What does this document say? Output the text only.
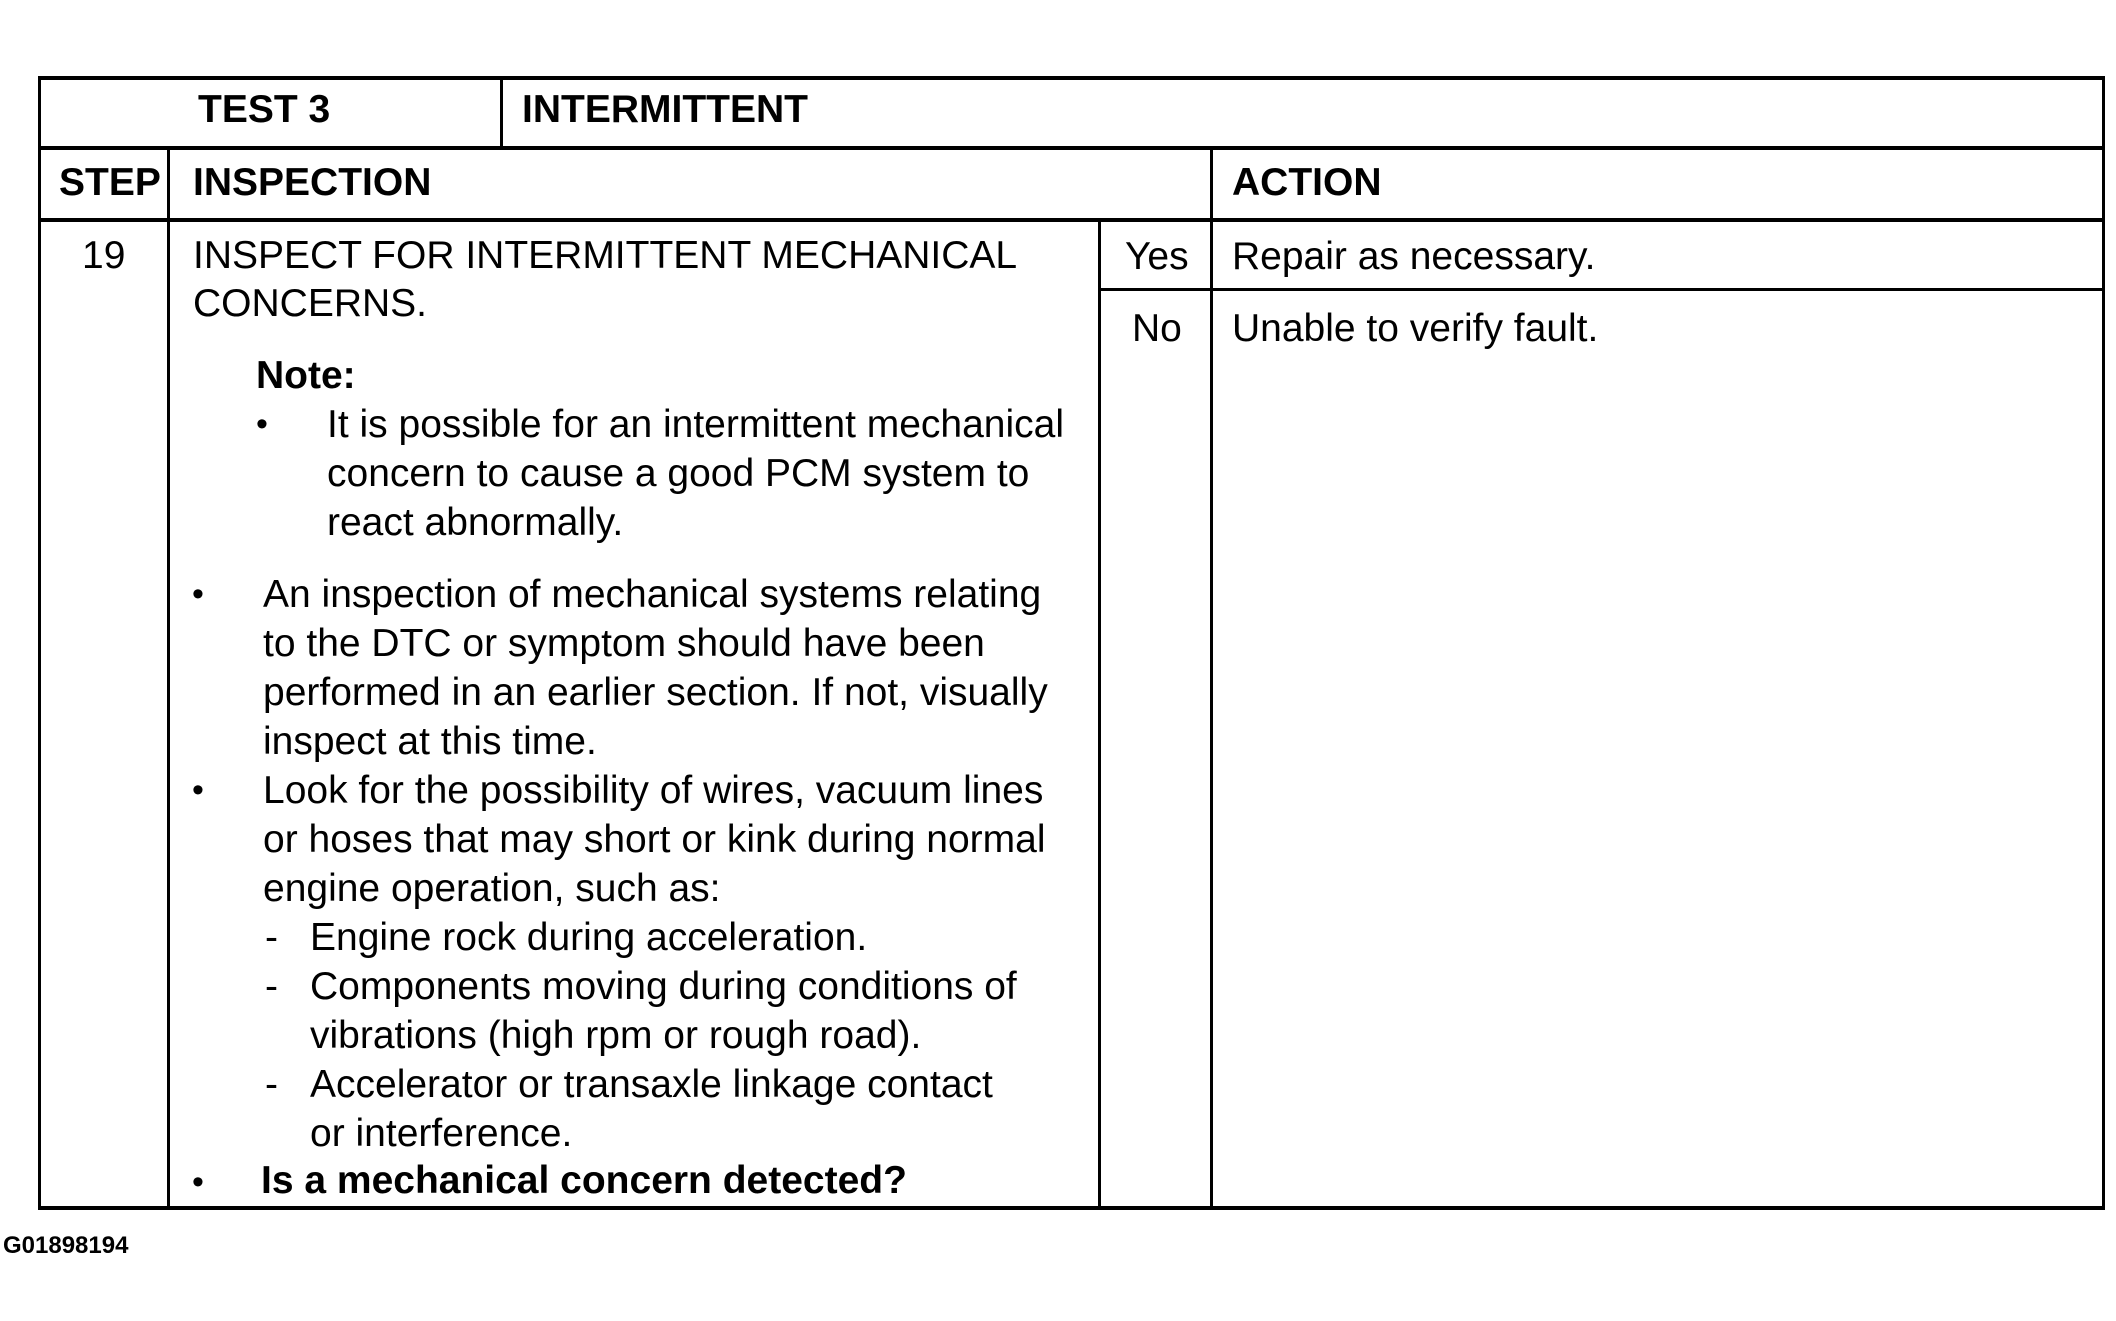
TEST 3	INTERMITTENT
STEP INSPECTION	ACTION
19 INSPECT FOR INTERMITTENT MECHANICAL
CONCERNS.
Note:
• It is possible for an intermittent mechanical
concern to cause a good PCM system to
react abnormally.
• An inspection of mechanical systems relating
to the DTC or symptom should have been
performed in an earlier section. If not, visually
inspect at this time.
• Look for the possibility of wires, vacuum lines
or hoses that may short or kink during normal
engine operation, such as:
- Engine rock during acceleration.
- Components moving during conditions of
vibrations (high rpm or rough road).
- Accelerator or transaxle linkage contact
or interference.
• Is a mechanical concern detected?
Yes Repair as necessary.
No Unable to verify fault.
G01898194
